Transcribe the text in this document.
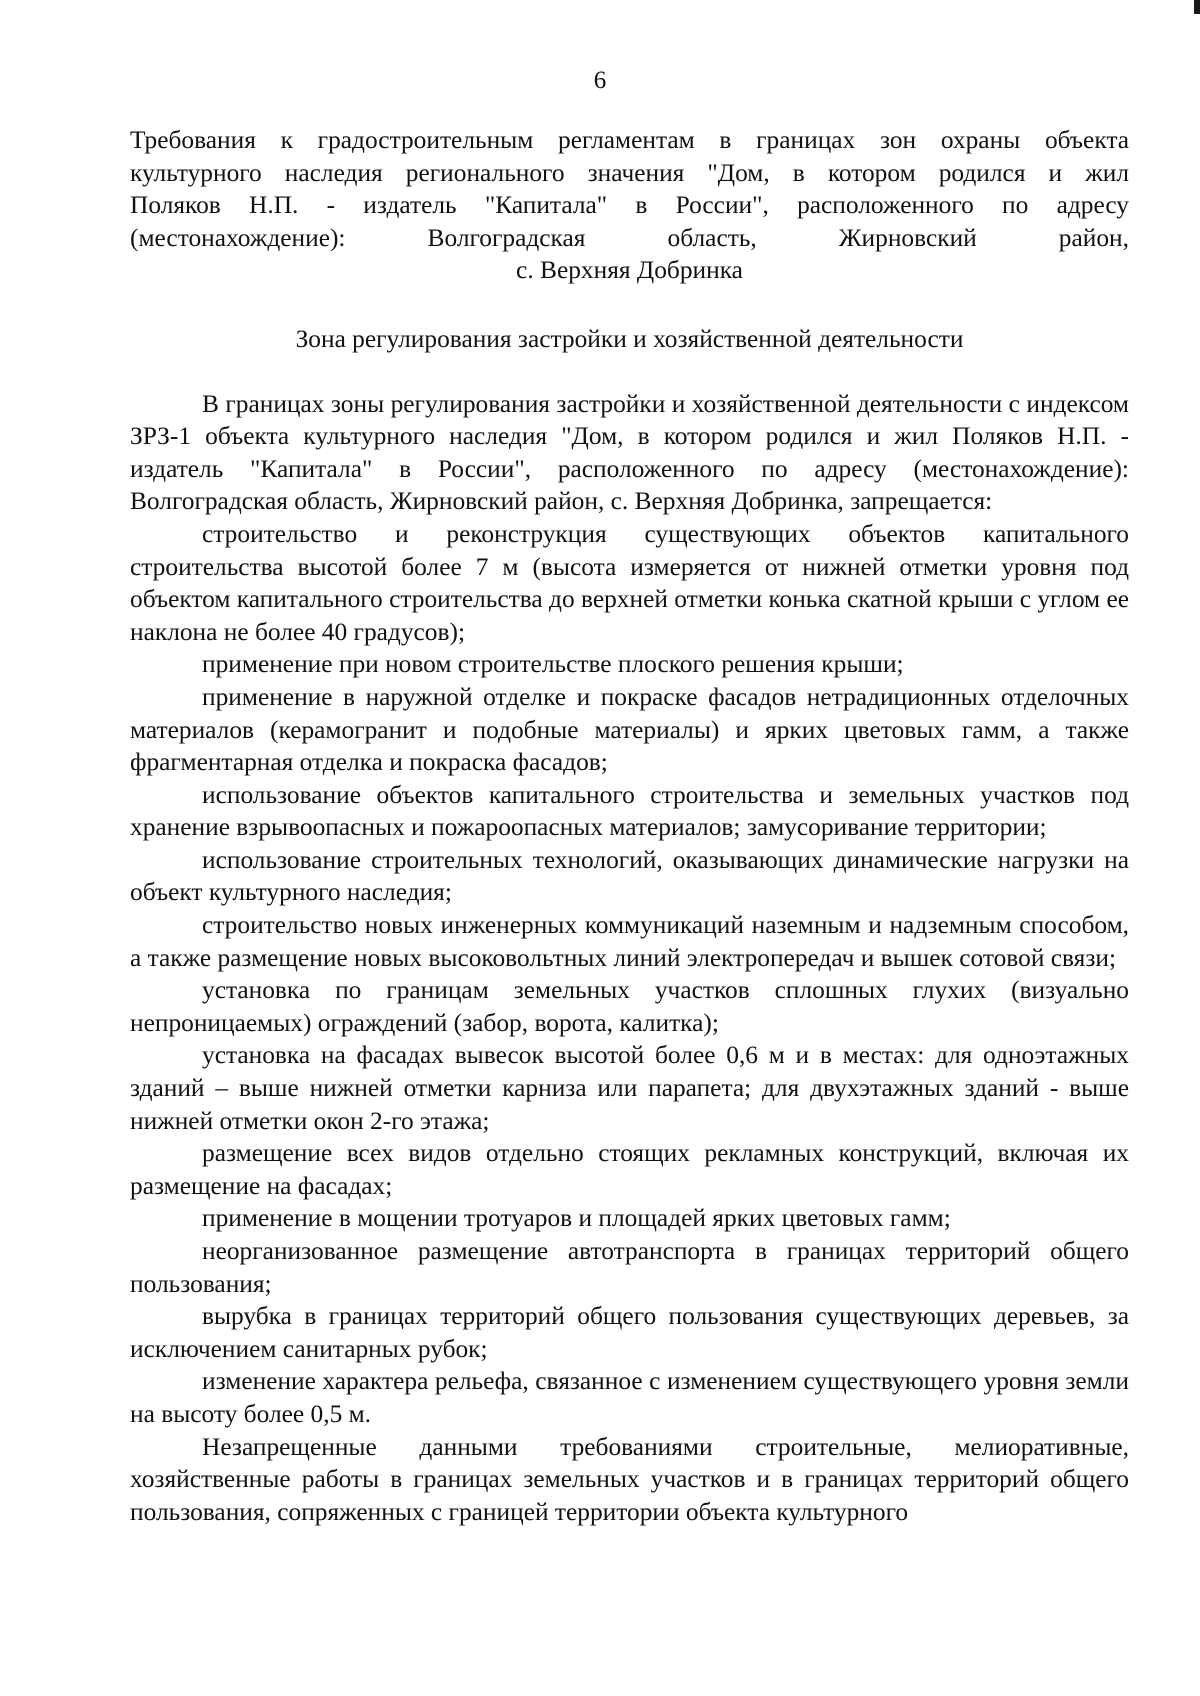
6

Требования к градостроительным регламентам в границах зон охраны объекта

культурного наследия регионального значения "Дом, в котором родился и жил

Поляков Н.П. - издатель "Капитала" в России", расположенного по адресу

(местонахождение): Волгоградская область, Жирновский район,

с. Верхняя Добринка

Зона регулирования застройки и хозяйственной деятельности

В границах зоны регулирования застройки и хозяйственной деятельности с индексом ЗРЗ-1 объекта культурного наследия "Дом, в котором родился и жил Поляков Н.П. - издатель "Капитала" в России", расположенного по адресу (местонахождение): Волгоградская область, Жирновский район, с. Верхняя Добринка, запрещается:

строительство и реконструкция существующих объектов капитального строительства высотой более 7 м (высота измеряется от нижней отметки уровня под объектом капитального строительства до верхней отметки конька скатной крыши с углом ее наклона не более 40 градусов);

применение при новом строительстве плоского решения крыши;

применение в наружной отделке и покраске фасадов нетрадиционных отделочных материалов (керамогранит и подобные материалы) и ярких цветовых гамм, а также фрагментарная отделка и покраска фасадов;

использование объектов капитального строительства и земельных участков под хранение взрывоопасных и пожароопасных материалов; замусоривание территории;

использование строительных технологий, оказывающих динамические нагрузки на объект культурного наследия;

строительство новых инженерных коммуникаций наземным и надземным способом, а также размещение новых высоковольтных линий электропередач и вышек сотовой связи;

установка по границам земельных участков сплошных глухих (визуально непроницаемых) ограждений (забор, ворота, калитка);

установка на фасадах вывесок высотой более 0,6 м и в местах: для одноэтажных зданий – выше нижней отметки карниза или парапета; для двухэтажных зданий - выше нижней отметки окон 2-го этажа;

размещение всех видов отдельно стоящих рекламных конструкций, включая их размещение на фасадах;

применение в мощении тротуаров и площадей ярких цветовых гамм;

неорганизованное размещение автотранспорта в границах территорий общего пользования;

вырубка в границах территорий общего пользования существующих деревьев, за исключением санитарных рубок;

изменение характера рельефа, связанное с изменением существующего уровня земли на высоту более 0,5 м.

Незапрещенные данными требованиями строительные, мелиоративные, хозяйственные работы в границах земельных участков и в границах территорий общего пользования, сопряженных с границей территории объекта культурного
